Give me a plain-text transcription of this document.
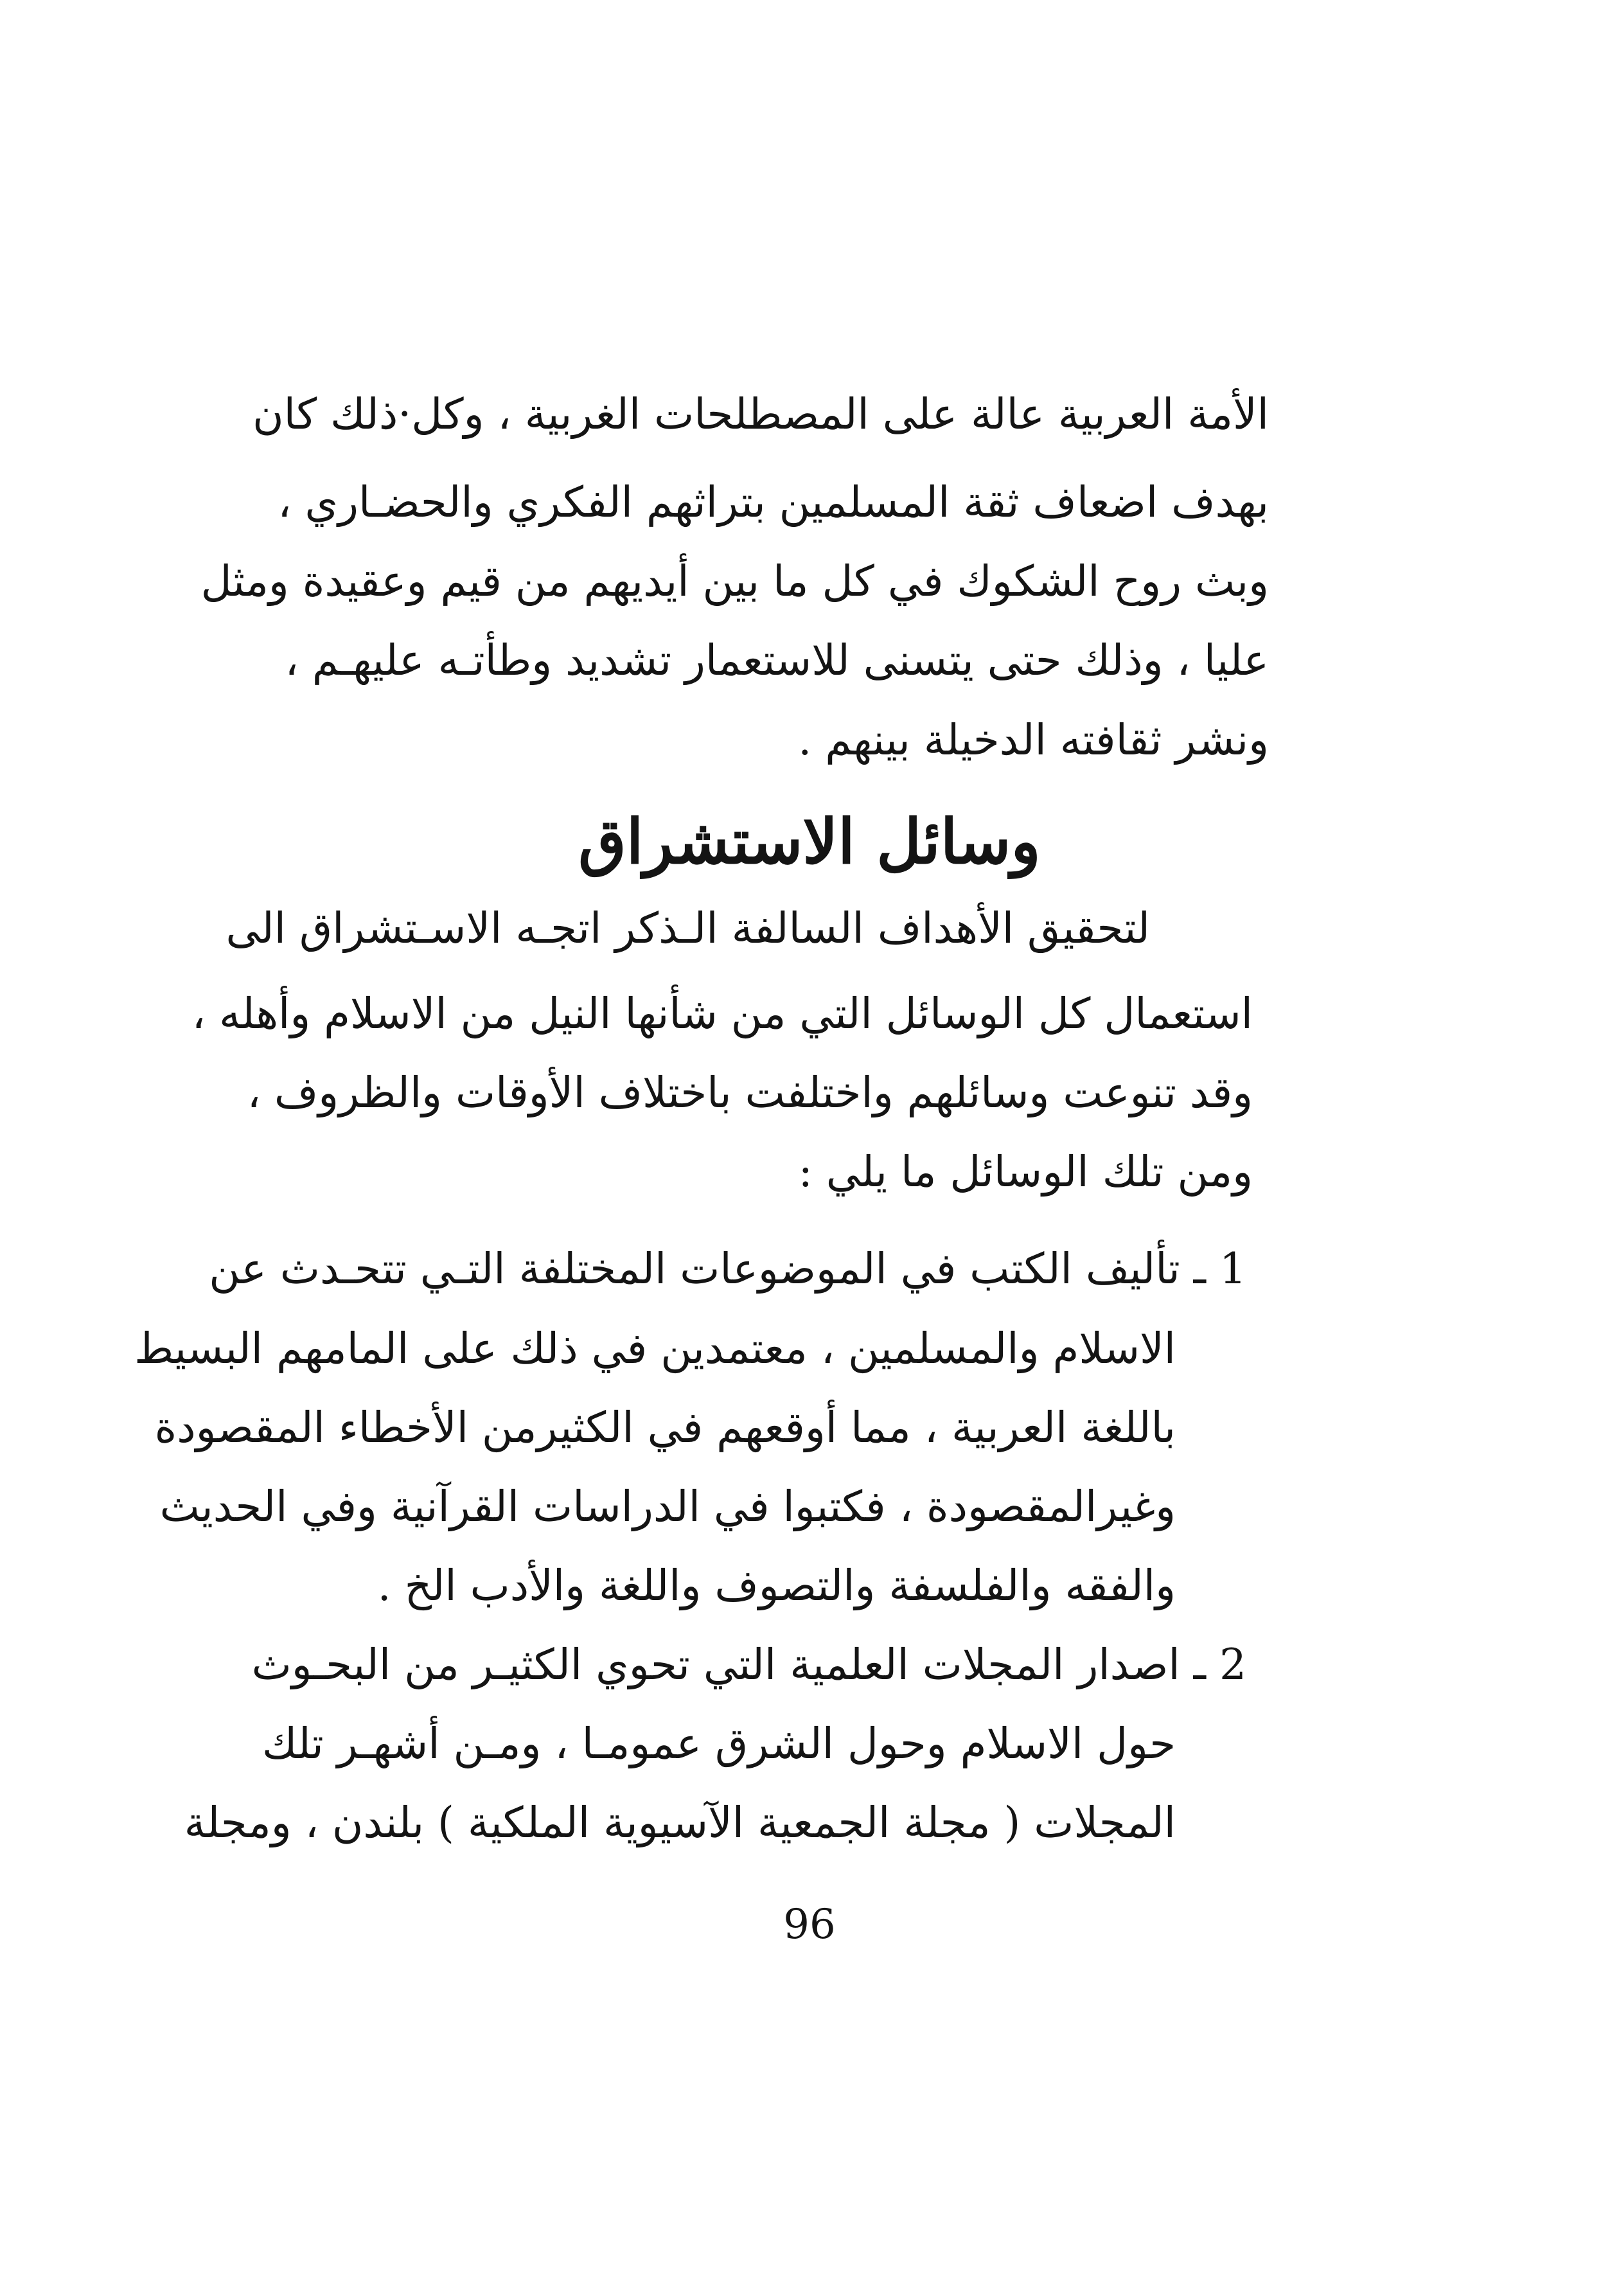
الأمة العربية عالة على المصطلحات الغربية ، وكل·ذلك كان
بهدف اضعاف ثقة المسلمين بتراثهم الفكري والحضـاري ،
وبث روح الشكوك في كل ما بين أيديهم من قيم وعقيدة ومثل
عليا ، وذلك حتى يتسنى للاستعمار تشديد وطأتـه عليهـم ،
ونشر ثقافته الدخيلة بينهم .
وسائل الاستشراق
لتحقيق الأهداف السالفة الـذكر اتجـه الاسـتشراق الى
استعمال كل الوسائل التي من شأنها النيل من الاسلام وأهله ،
وقد تنوعت وسائلهم واختلفت باختلاف الأوقات والظروف ،
ومن تلك الوسائل ما يلي :
1 ـ تأليف الكتب في الموضوعات المختلفة التـي تتحـدث عن
الاسلام والمسلمين ، معتمدين في ذلك على المامهم البسيط
باللغة العربية ، مما أوقعهم في الكثيرمن الأخطاء المقصودة
وغيرالمقصودة ، فكتبوا في الدراسات القرآنية وفي الحديث
والفقه والفلسفة والتصوف واللغة والأدب الخ .
2 ـ اصدار المجلات العلمية التي تحوي الكثيـر من البحـوث
حول الاسلام وحول الشرق عمومـا ، ومـن أشهـر تلك
المجلات ( مجلة الجمعية الآسيوية الملكية ) بلندن ، ومجلة
96
